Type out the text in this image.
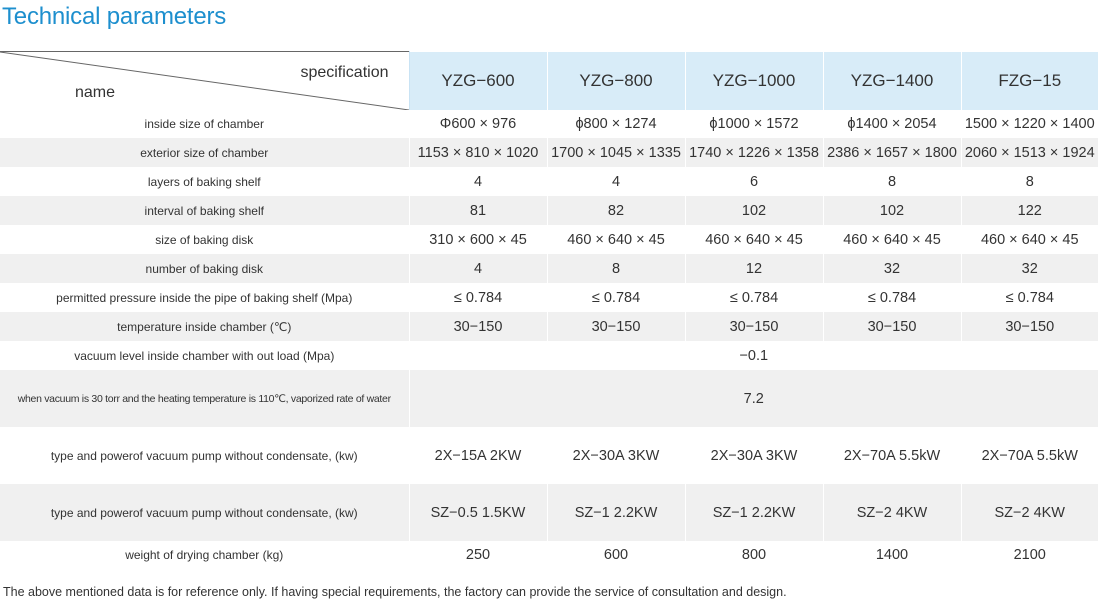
Technical parameters
specification
name	YZG−600	YZG−800	YZG−1000	YZG−1400	FZG−15
inside size of chamber	Φ600 × 976	ϕ800 × 1274	ϕ1000 × 1572	ϕ1400 × 2054	1500 × 1220 × 1400
exterior size of chamber	1153 × 810 × 1020	1700 × 1045 × 1335	1740 × 1226 × 1358	2386 × 1657 × 1800	2060 × 1513 × 1924
layers of baking shelf	4	4	6	8	8
interval of baking shelf	81	82	102	102	122
size of baking disk	310 × 600 × 45	460 × 640 × 45	460 × 640 × 45	460 × 640 × 45	460 × 640 × 45
number of baking disk	4	8	12	32	32
permitted pressure inside the pipe of baking shelf (Mpa)	≤ 0.784	≤ 0.784	≤ 0.784	≤ 0.784	≤ 0.784
temperature inside chamber (℃)	30−150	30−150	30−150	30−150	30−150
vacuum level inside chamber with out load (Mpa)	−0.1				
when vacuum is 30 torr and the heating temperature is 110℃, vaporized rate of water	7.2				
type and powerof vacuum pump without condensate, (kw)	2X−15A 2KW	2X−30A 3KW	2X−30A 3KW	2X−70A 5.5kW	2X−70A 5.5kW
type and powerof vacuum pump without condensate, (kw)	SZ−0.5 1.5KW	SZ−1 2.2KW	SZ−1 2.2KW	SZ−2 4KW	SZ−2 4KW
weight of drying chamber (kg)	250	600	800	1400	2100

The above mentioned data is for reference only. If having special requirements, the factory can provide the service of consultation and design.
